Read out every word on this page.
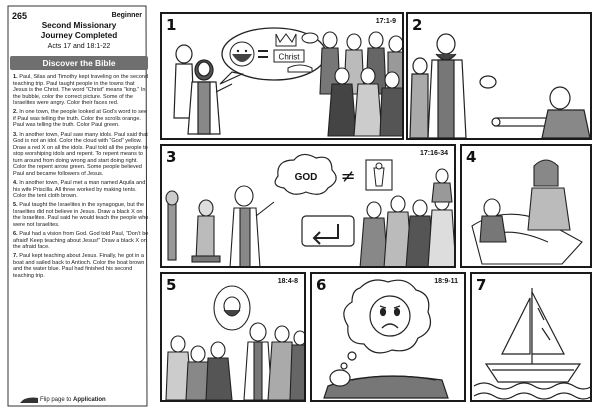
265	Beginner
Second Missionary
Journey Completed
Acts 17 and 18:1-22
Discover the Bible

1. Paul, Silas and Timothy kept traveling on the second teaching trip. Paul taught people in the towns that Jesus is the Christ. The word “Christ” means “king.” In the bubble, color the correct picture. Some of the Israelites were angry. Color their faces red.

2. In one town, the people looked at God’s word to see if Paul was telling the truth. Color the scrolls orange. Paul was telling the truth. Color Paul green.

3. In another town, Paul saw many idols. Paul said that God is not an idol. Color the cloud with “God” yellow. Draw a red X on all the idols. Paul told all the people to stop worshiping idols and repent. To repent means to turn around from doing wrong and start doing right. Color the repent arrow green. Some people believed Paul and became followers of Jesus.

4. In another town, Paul met a man named Aquila and his wife Priscilla. All three worked by making tents. Color the tent cloth brown.

5. Paul taught the Israelites in the synagogue, but the Israelites did not believe in Jesus. Draw a black X on the Israelites. Paul said he would teach the people who were not Israelites.

6. Paul had a vision from God. God told Paul, “Don’t be afraid! Keep teaching about Jesus!” Draw a black X on the afraid face.

7. Paul kept teaching about Jesus. Finally, he got in a boat and sailed back to Antioch. Color the boat brown and the water blue. Paul had finished his second teaching trip.

Flip page to Application
Christ
1	17:1-9 2
GOD ≠
3	17:16-34 4
5	18:4-8 6	18:9-11 7
